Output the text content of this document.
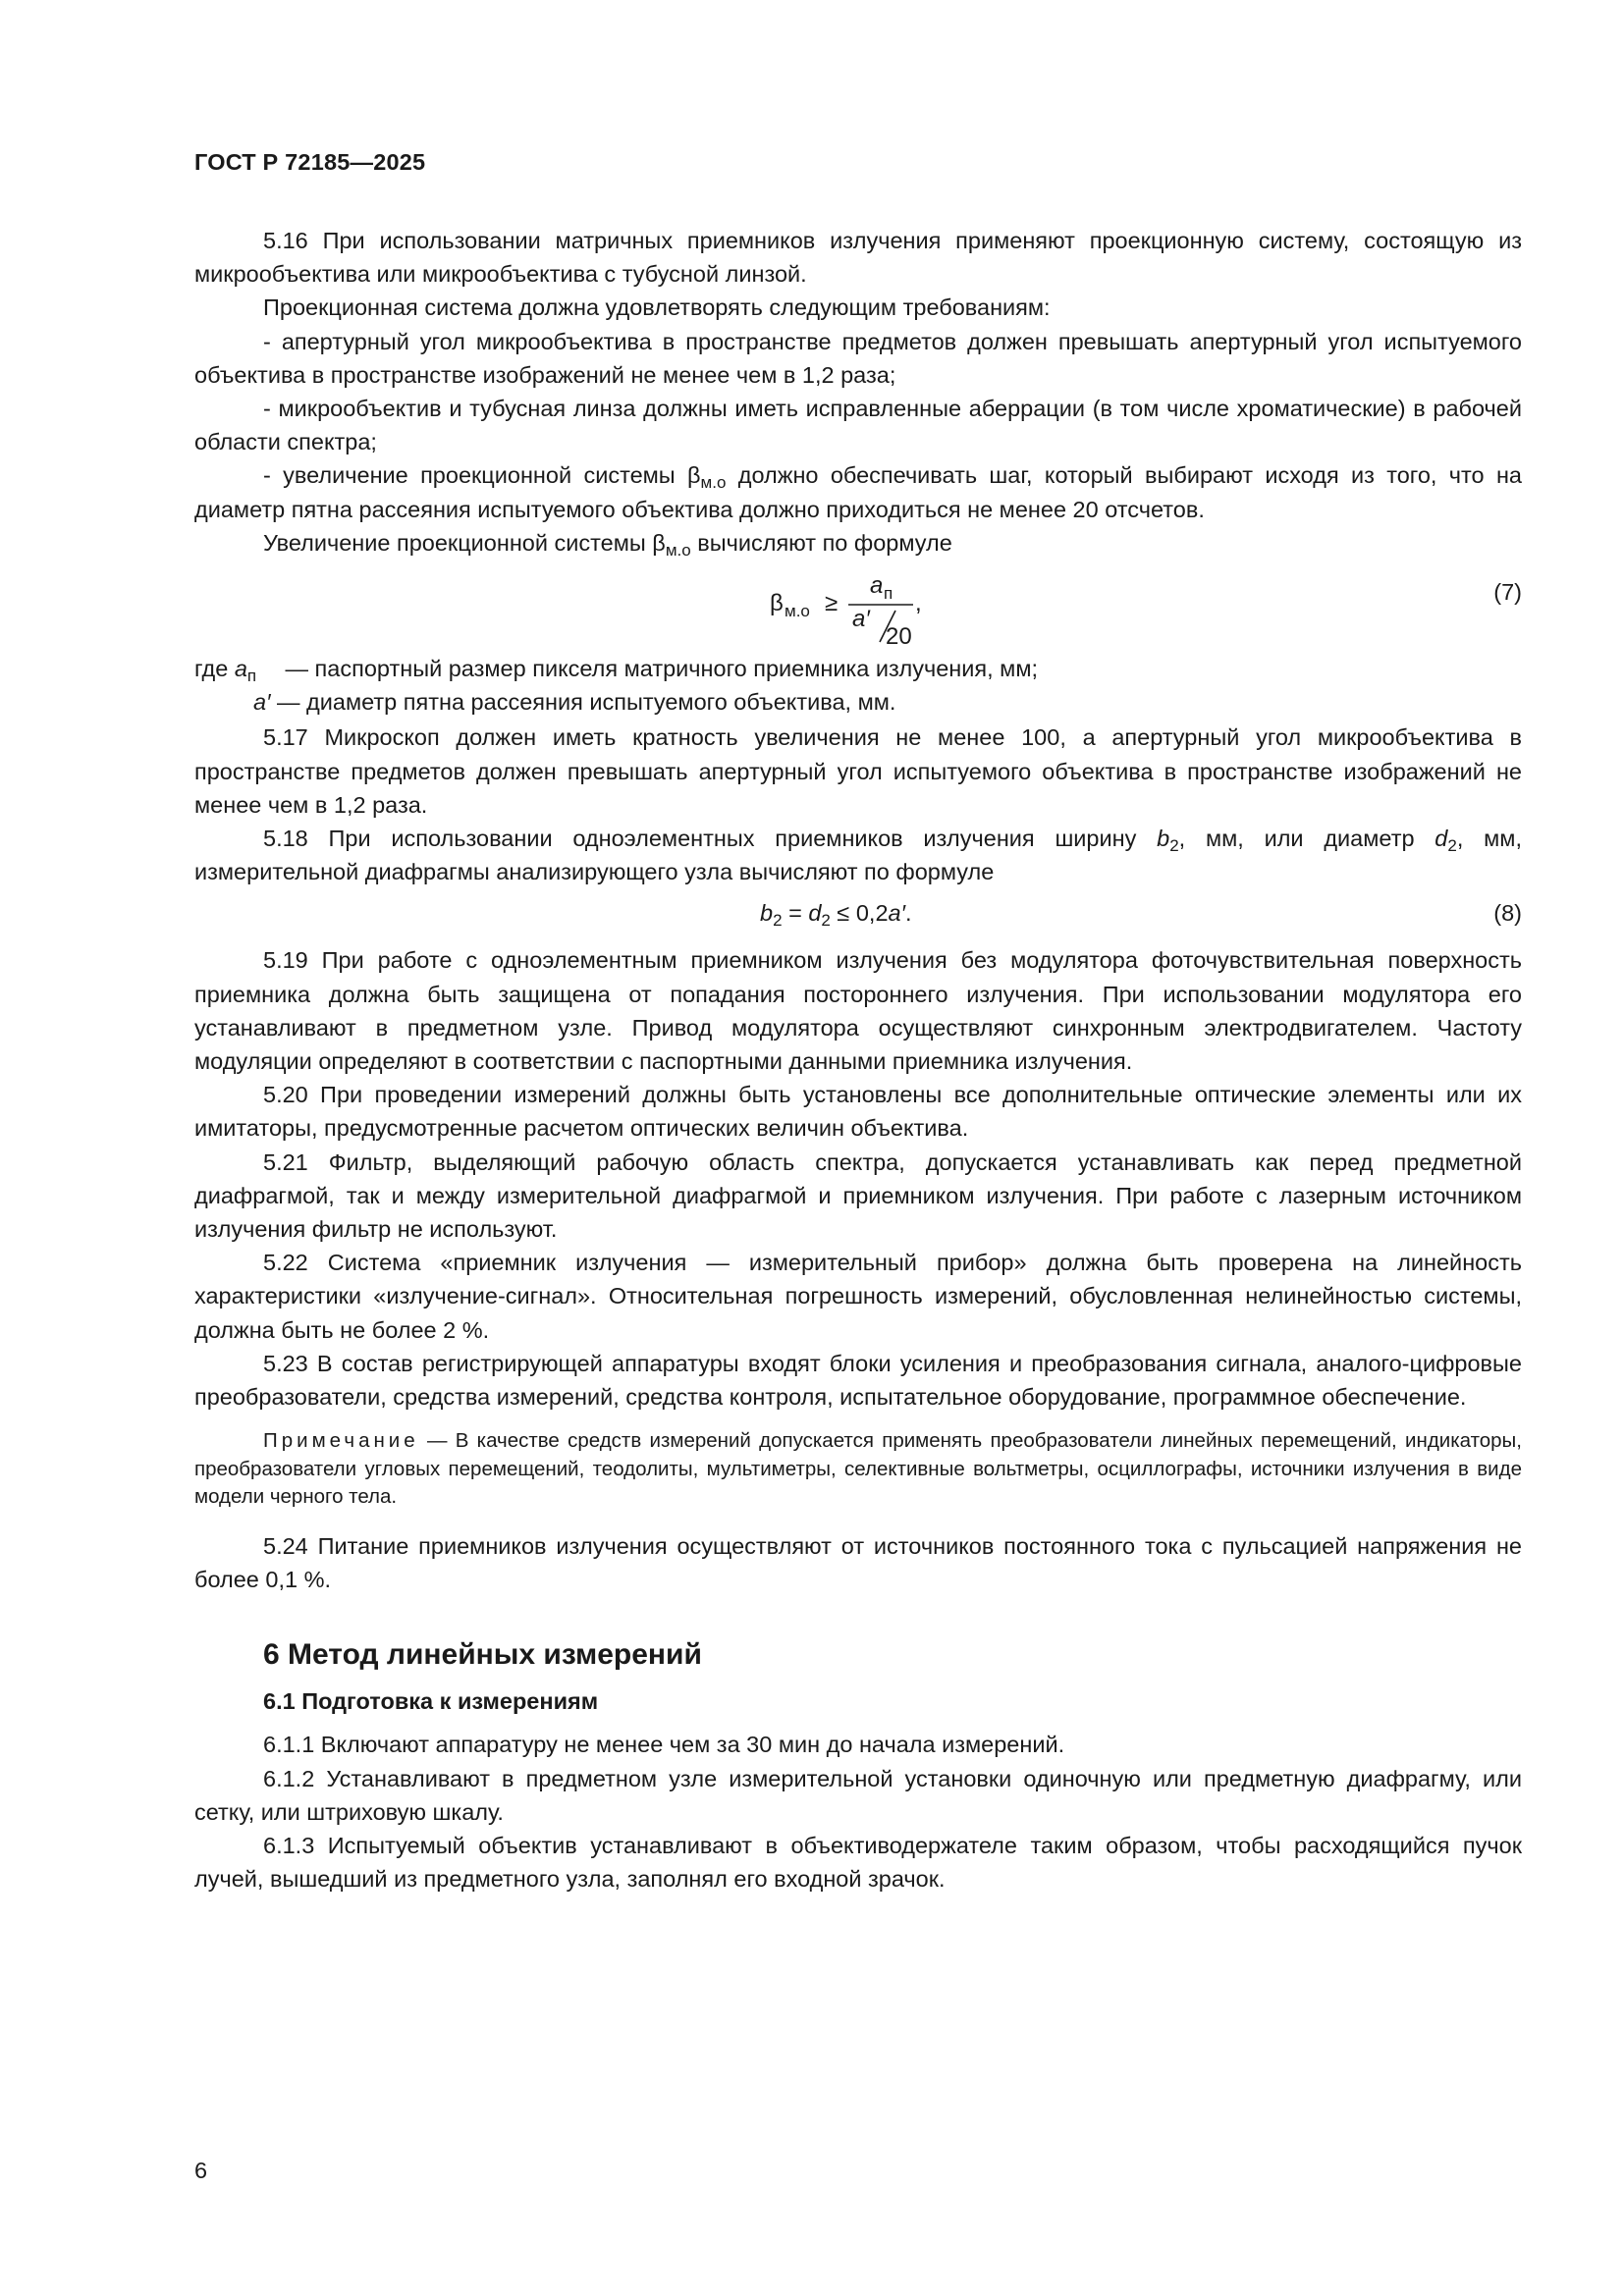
ГОСТ Р 72185—2025

5.16 При использовании матричных приемников излучения применяют проекционную систему, состоящую из микрообъектива или микрообъектива с тубусной линзой.

Проекционная система должна удовлетворять следующим требованиям:

- апертурный угол микрообъектива в пространстве предметов должен превышать апертурный угол испытуемого объектива в пространстве изображений не менее чем в 1,2 раза;

- микрообъектив и тубусная линза должны иметь исправленные аберрации (в том числе хроматические) в рабочей области спектра;

- увеличение проекционной системы $\beta_{м.о}$ должно обеспечивать шаг, который выбирают исходя из того, что на диаметр пятна рассеяния испытуемого объектива должно приходиться не менее 20 отсчетов.

Увеличение проекционной системы $\beta_{м.о}$ вычисляют по формуле

β м.о ≥
a п
a′
20
,	(7)

где $a_п$ — паспортный размер пикселя матричного приемника излучения, мм;

a′ — диаметр пятна рассеяния испытуемого объектива, мм.

5.17 Микроскоп должен иметь кратность увеличения не менее 100, а апертурный угол микрообъектива в пространстве предметов должен превышать апертурный угол испытуемого объектива в пространстве изображений не менее чем в 1,2 раза.

5.18 При использовании одноэлементных приемников излучения ширину $b_2$, мм, или диаметр $d_2$, мм, измерительной диафрагмы анализирующего узла вычисляют по формуле

$b_2 = d_2 \le 0,2a'$.	(8)

5.19 При работе с одноэлементным приемником излучения без модулятора фоточувствительная поверхность приемника должна быть защищена от попадания постороннего излучения. При использовании модулятора его устанавливают в предметном узле. Привод модулятора осуществляют синхронным электродвигателем. Частоту модуляции определяют в соответствии с паспортными данными приемника излучения.

5.20 При проведении измерений должны быть установлены все дополнительные оптические элементы или их имитаторы, предусмотренные расчетом оптических величин объектива.

5.21 Фильтр, выделяющий рабочую область спектра, допускается устанавливать как перед предметной диафрагмой, так и между измерительной диафрагмой и приемником излучения. При работе с лазерным источником излучения фильтр не используют.

5.22 Система «приемник излучения — измерительный прибор» должна быть проверена на линейность характеристики «излучение-сигнал». Относительная погрешность измерений, обусловленная нелинейностью системы, должна быть не более 2 %.

5.23 В состав регистрирующей аппаратуры входят блоки усиления и преобразования сигнала, аналого-цифровые преобразователи, средства измерений, средства контроля, испытательное оборудование, программное обеспечение.

Примечание — В качестве средств измерений допускается применять преобразователи линейных перемещений, индикаторы, преобразователи угловых перемещений, теодолиты, мультиметры, селективные вольтметры, осциллографы, источники излучения в виде модели черного тела.

5.24 Питание приемников излучения осуществляют от источников постоянного тока с пульсацией напряжения не более 0,1 %.

6 Метод линейных измерений

6.1 Подготовка к измерениям

6.1.1 Включают аппаратуру не менее чем за 30 мин до начала измерений.

6.1.2 Устанавливают в предметном узле измерительной установки одиночную или предметную диафрагму, или сетку, или штриховую шкалу.

6.1.3 Испытуемый объектив устанавливают в объективодержателе таким образом, чтобы расходящийся пучок лучей, вышедший из предметного узла, заполнял его входной зрачок.

6
